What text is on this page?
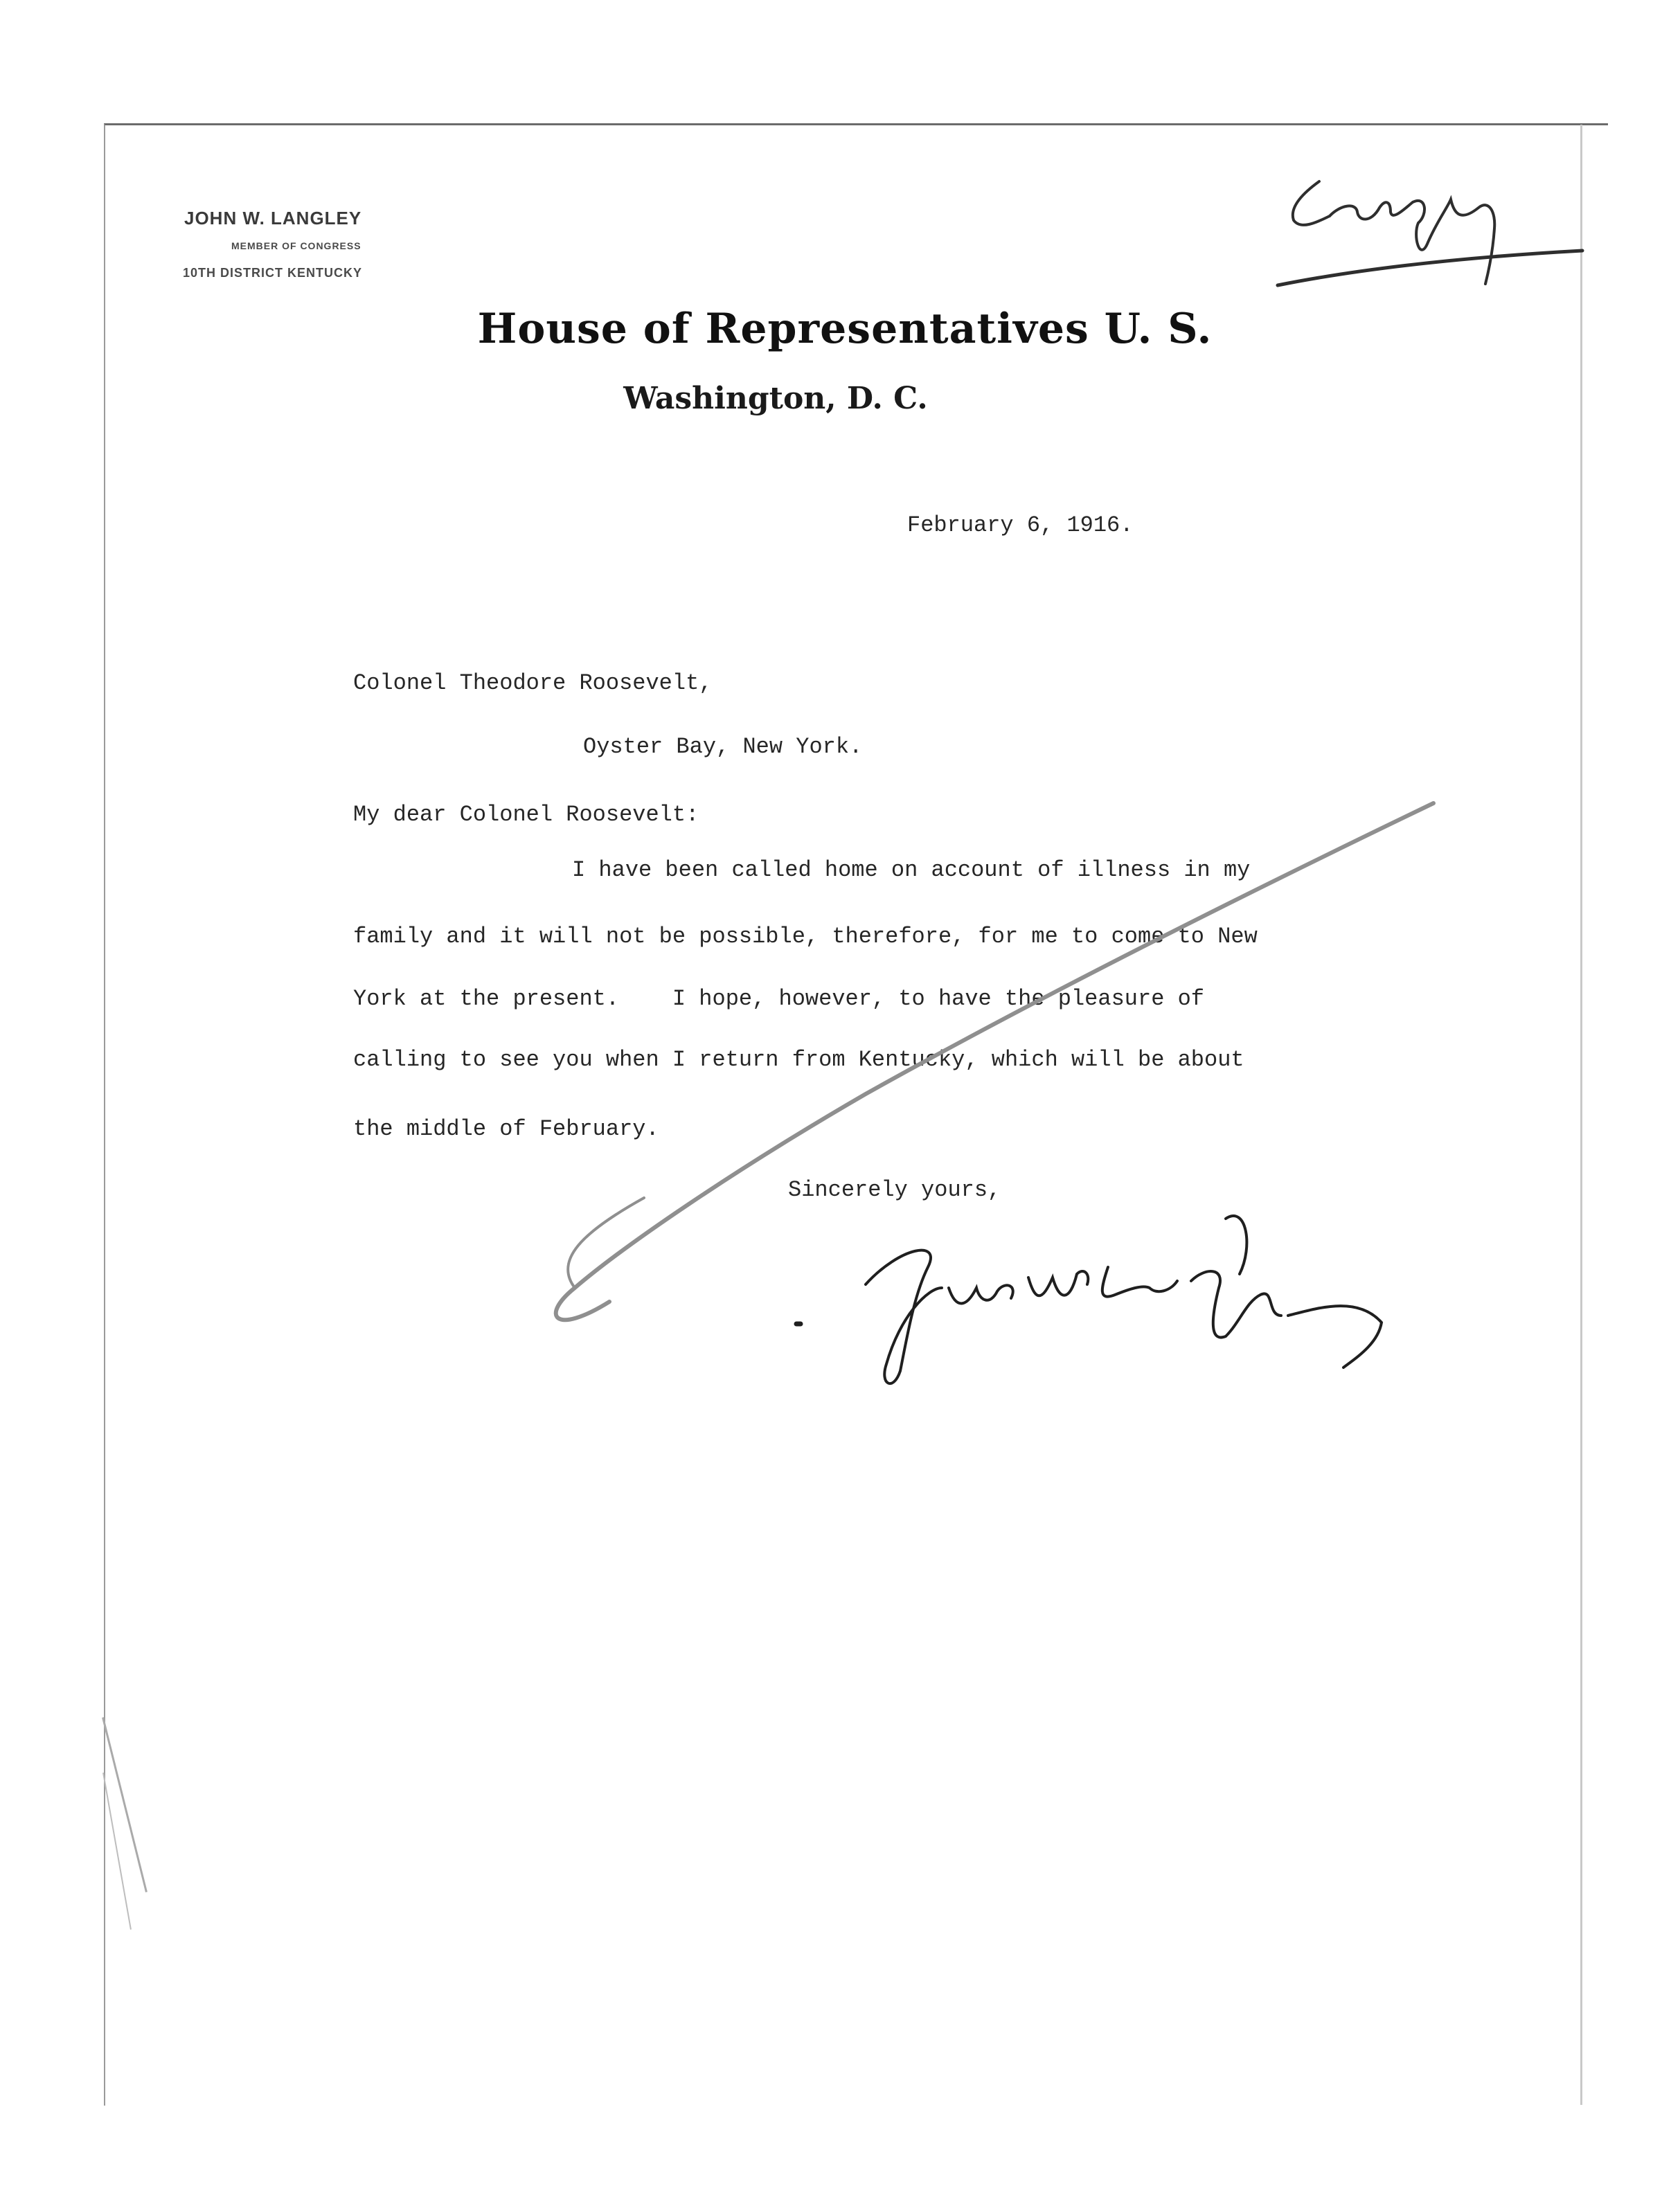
JOHN W. LANGLEY
MEMBER OF CONGRESS
10TH DISTRICT KENTUCKY
House of Representatives U. S.
Washington, D. C.
February 6, 1916.
Colonel Theodore Roosevelt,
Oyster Bay, New York.
My dear Colonel Roosevelt:
I have been called home on account of illness in my
family and it will not be possible, therefore, for me to come to New
York at the present.    I hope, however, to have the pleasure of
calling to see you when I return from Kentucky, which will be about
the middle of February.
Sincerely yours,
